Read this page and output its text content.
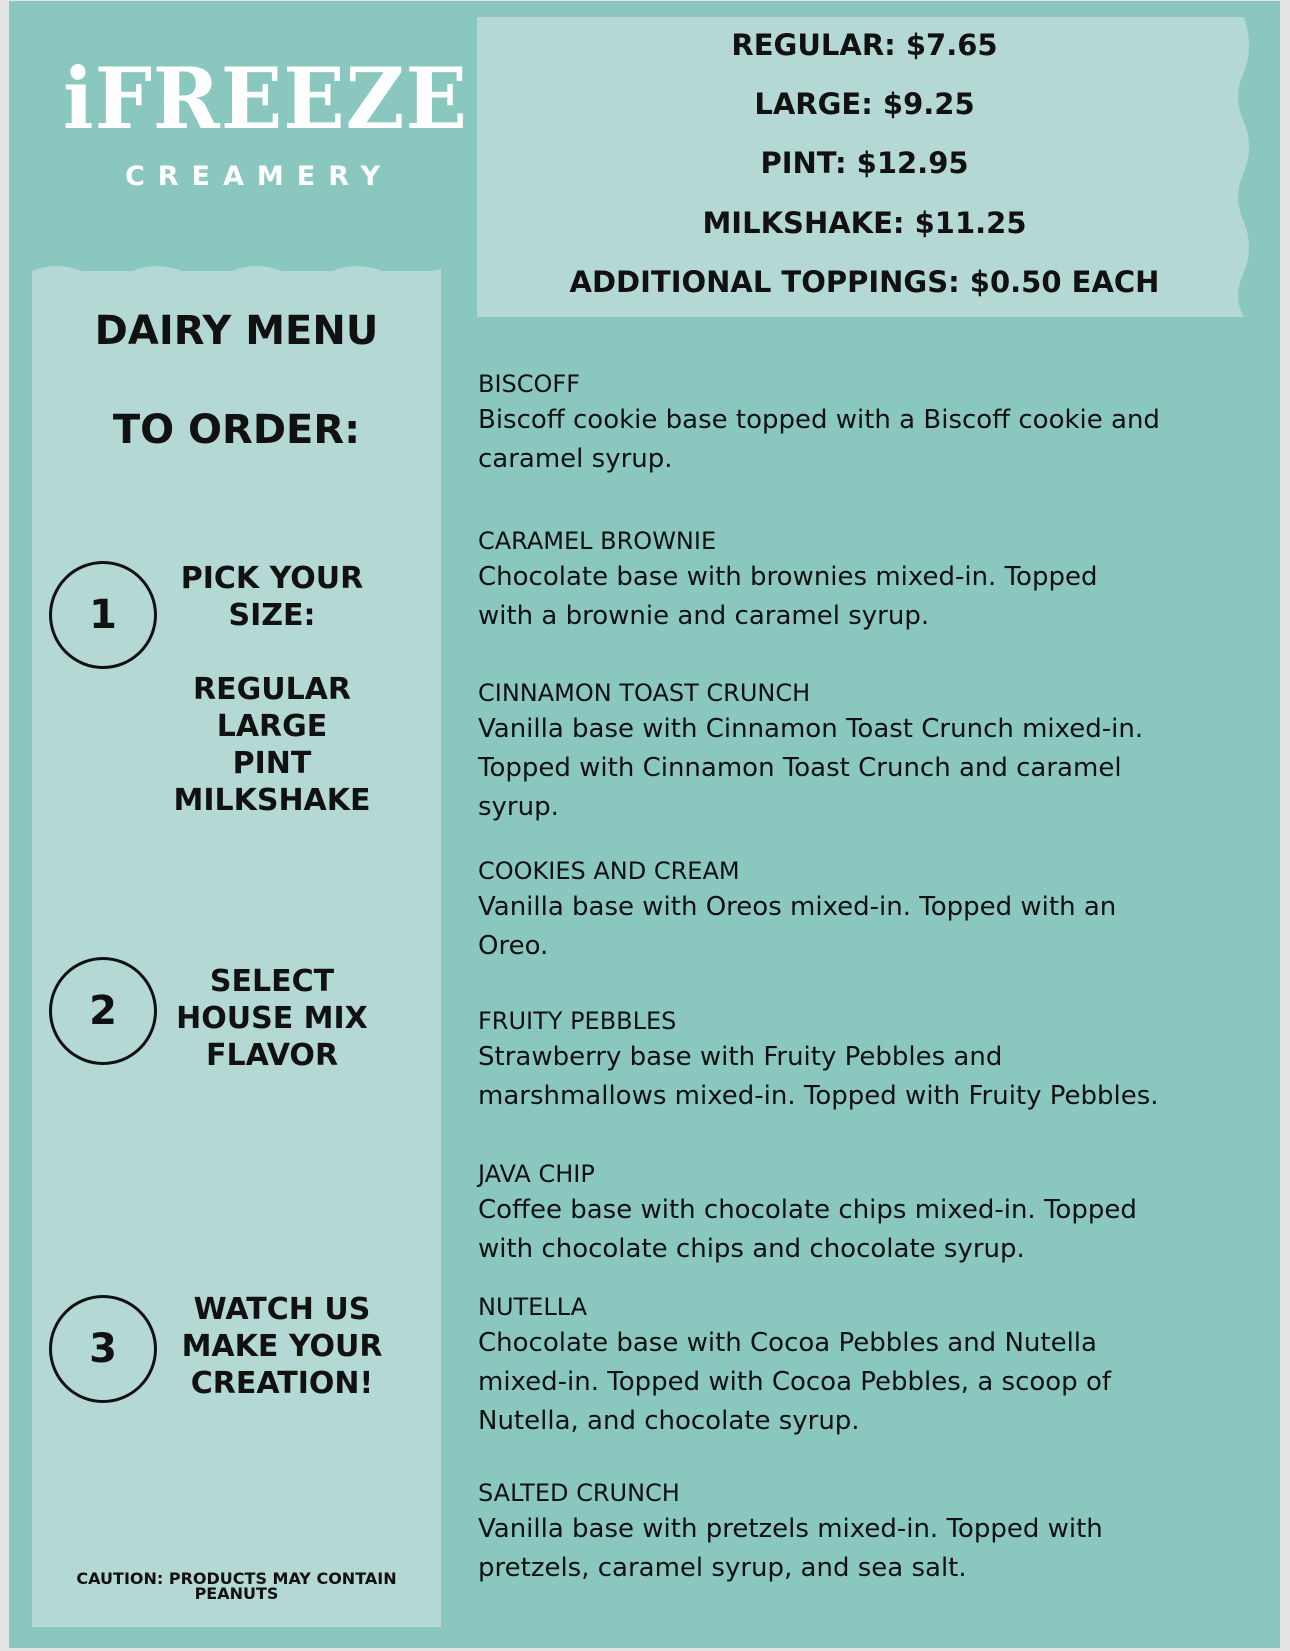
iFREEZE
CREAMERY
DAIRY MENU
TO ORDER:
1
PICK YOUR
SIZE:
REGULAR
LARGE
PINT
MILKSHAKE
2
SELECT
HOUSE MIX
FLAVOR
3
WATCH US
MAKE YOUR
CREATION!
CAUTION: PRODUCTS MAY CONTAIN
PEANUTS
REGULAR: $7.65
LARGE: $9.25
PINT: $12.95
MILKSHAKE: $11.25
ADDITIONAL TOPPINGS: $0.50 EACH
BISCOFF
Biscoff cookie base topped with a Biscoff cookie and
caramel syrup.
CARAMEL BROWNIE
Chocolate base with brownies mixed-in. Topped
with a brownie and caramel syrup.
CINNAMON TOAST CRUNCH
Vanilla base with Cinnamon Toast Crunch mixed-in.
Topped with Cinnamon Toast Crunch and caramel
syrup.
COOKIES AND CREAM
Vanilla base with Oreos mixed-in. Topped with an
Oreo.
FRUITY PEBBLES
Strawberry base with Fruity Pebbles and
marshmallows mixed-in. Topped with Fruity Pebbles.
JAVA CHIP
Coffee base with chocolate chips mixed-in. Topped
with chocolate chips and chocolate syrup.
NUTELLA
Chocolate base with Cocoa Pebbles and Nutella
mixed-in. Topped with Cocoa Pebbles, a scoop of
Nutella, and chocolate syrup.
SALTED CRUNCH
Vanilla base with pretzels mixed-in. Topped with
pretzels, caramel syrup, and sea salt.
